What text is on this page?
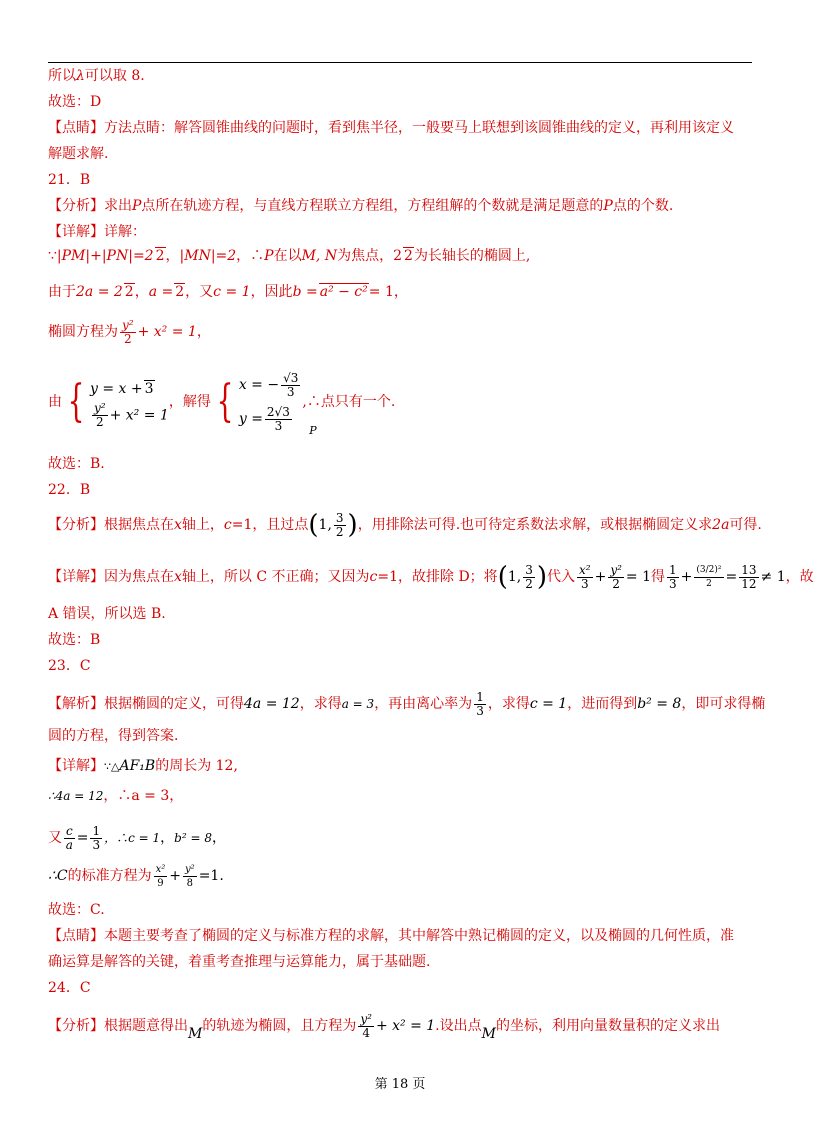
所以λ可以取 8.
故选：D
【点睛】方法点睛：解答圆锥曲线的问题时，看到焦半径，一般要马上联想到该圆锥曲线的定义，再利用该定义
解题求解.
21．B
【分析】求出P点所在轨迹方程，与直线方程联立方程组，方程组解的个数就是满足题意的P点的个数.
【详解】详解：
∵|PM|+|PN|=2 2，|MN|=2，∴P在以M, N为焦点，2 2为长轴长的椭圆上,
由于2a = 2 2，a = 2，又c = 1，因此b = a² − c²= 1，
椭圆方程为 $\frac{\text{y²}}{2} + x^2 = 1$，
由 { y = x + 3
$\frac{\text{y²}}{2} + x^2 = 1$
，解得 { x = − $\frac{√3}{3}$
$y = \frac{2√3}{3}$
,∴点只有一个$._P$
故选：B.
22．B
【分析】根据焦点在x轴上，c=1，且过点(1, $\frac{3}{2}$ )，用排除法可得.也可待定系数法求解，或根据椭圆定义求2a可得.
【详解】因为焦点在x轴上，所以 C 不正确；又因为c=1，故排除 D；将(1, $\frac{3}{2}$ )代入 $\frac{\text{x²}}{3} + \frac{\text{y²}}{2} = 1$得 $\frac{1}{3} + \frac{\text{(3/2)²}}{2} = \frac{13}{12} \ne 1$，故
A 错误，所以选 B.
故选：B
23．C
【解析】根据椭圆的定义，可得4a = 12，求得a = 3，再由离心率为 $\frac{1}{3}$ ，求得c = 1，进而得到b² = 8，即可求得椭
圆的方程，得到答案.
【详解】∵△AF₁B的周长为 12,
∴4a = 12，∴a = 3，
又 $\frac{c}{a} = \frac{1}{3}$ ，∴c = 1，b² = 8，
∴C的标准方程为 $\frac{\text{x²}}{9} + \frac{\text{y²}}{8} =1$.
故选：C.
【点睛】本题主要考查了椭圆的定义与标准方程的求解，其中解答中熟记椭圆的定义，以及椭圆的几何性质，准
确运算是解答的关键，着重考查推理与运算能力，属于基础题.
24．C
【分析】根据题意得出M的轨迹为椭圆，且方程为 $\frac{\text{y²}}{4} + x^2 = 1$.设出点M的坐标，利用向量数量积的定义求出
第 18 页
